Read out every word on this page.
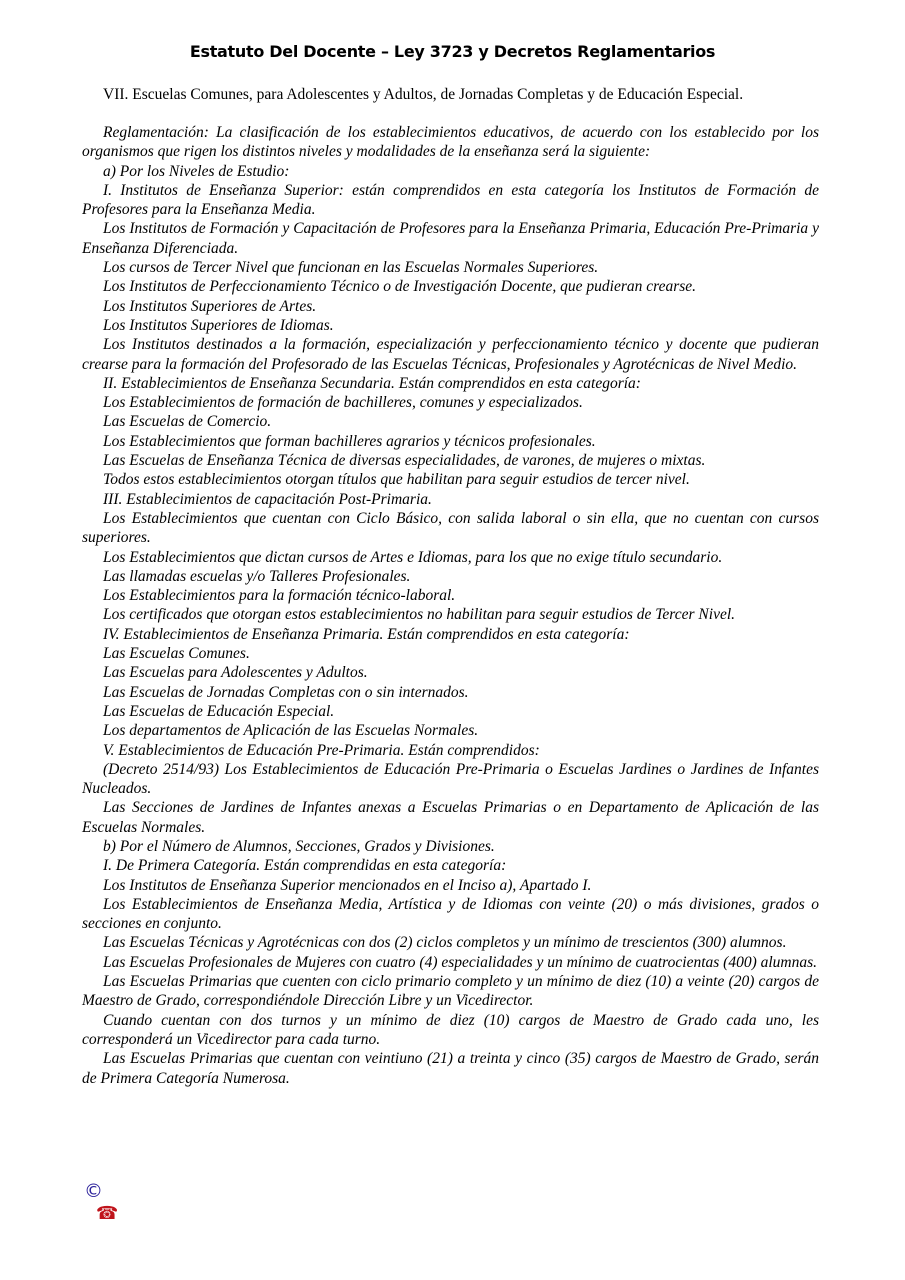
Estatuto Del Docente – Ley 3723 y Decretos Reglamentarios
VII. Escuelas Comunes, para Adolescentes y Adultos, de Jornadas Completas y de Educación Especial.

Reglamentación: La clasificación de los establecimientos educativos, de acuerdo con los establecido por los organismos que rigen los distintos niveles y modalidades de la enseñanza será la siguiente:

a) Por los Niveles de Estudio:

I. Institutos de Enseñanza Superior: están comprendidos en esta categoría los Institutos de Formación de Profesores para la Enseñanza Media.

Los Institutos de Formación y Capacitación de Profesores para la Enseñanza Primaria, Educación Pre-Primaria y Enseñanza Diferenciada.

Los cursos de Tercer Nivel que funcionan en las Escuelas Normales Superiores.

Los Institutos de Perfeccionamiento Técnico o de Investigación Docente, que pudieran crearse.

Los Institutos Superiores de Artes.

Los Institutos Superiores de Idiomas.

Los Institutos destinados a la formación, especialización y perfeccionamiento técnico y docente que pudieran crearse para la formación del Profesorado de las Escuelas Técnicas, Profesionales y Agrotécnicas de Nivel Medio.

II. Establecimientos de Enseñanza Secundaria. Están comprendidos en esta categoría:

Los Establecimientos de formación de bachilleres, comunes y especializados.

Las Escuelas de Comercio.

Los Establecimientos que forman bachilleres agrarios y técnicos profesionales.

Las Escuelas de Enseñanza Técnica de diversas especialidades, de varones, de mujeres o mixtas.

Todos estos establecimientos otorgan títulos que habilitan para seguir estudios de tercer nivel.

III. Establecimientos de capacitación Post-Primaria.

Los Establecimientos que cuentan con Ciclo Básico, con salida laboral o sin ella, que no cuentan con cursos superiores.

Los Establecimientos que dictan cursos de Artes e Idiomas, para los que no exige título secundario.

Las llamadas escuelas y/o Talleres Profesionales.

Los Establecimientos para la formación técnico-laboral.

Los certificados que otorgan estos establecimientos no habilitan para seguir estudios de Tercer Nivel.

IV. Establecimientos de Enseñanza Primaria. Están comprendidos en esta categoría:

Las Escuelas Comunes.

Las Escuelas para Adolescentes y Adultos.

Las Escuelas de Jornadas Completas con o sin internados.

Las Escuelas de Educación Especial.

Los departamentos de Aplicación de las Escuelas Normales.

V. Establecimientos de Educación Pre-Primaria. Están comprendidos:

(Decreto 2514/93) Los Establecimientos de Educación Pre-Primaria o Escuelas Jardines o Jardines de Infantes Nucleados.

Las Secciones de Jardines de Infantes anexas a Escuelas Primarias o en Departamento de Aplicación de las Escuelas Normales.

b) Por el Número de Alumnos, Secciones, Grados y Divisiones.

I. De Primera Categoría. Están comprendidas en esta categoría:

Los Institutos de Enseñanza Superior mencionados en el Inciso a), Apartado I.

Los Establecimientos de Enseñanza Media, Artística y de Idiomas con veinte (20) o más divisiones, grados o secciones en conjunto.

Las Escuelas Técnicas y Agrotécnicas con dos (2) ciclos completos y un mínimo de trescientos (300) alumnos.

Las Escuelas Profesionales de Mujeres con cuatro (4) especialidades y un mínimo de cuatrocientas (400) alumnas.

Las Escuelas Primarias que cuenten con ciclo primario completo y un mínimo de diez (10) a veinte (20) cargos de Maestro de Grado, correspondiéndole Dirección Libre y un Vicedirector.

Cuando cuentan con dos turnos y un mínimo de diez (10) cargos de Maestro de Grado cada uno, les corresponderá un Vicedirector para cada turno.

Las Escuelas Primarias que cuentan con veintiuno (21) a treinta y cinco (35) cargos de Maestro de Grado, serán de Primera Categoría Numerosa.

©
☎
